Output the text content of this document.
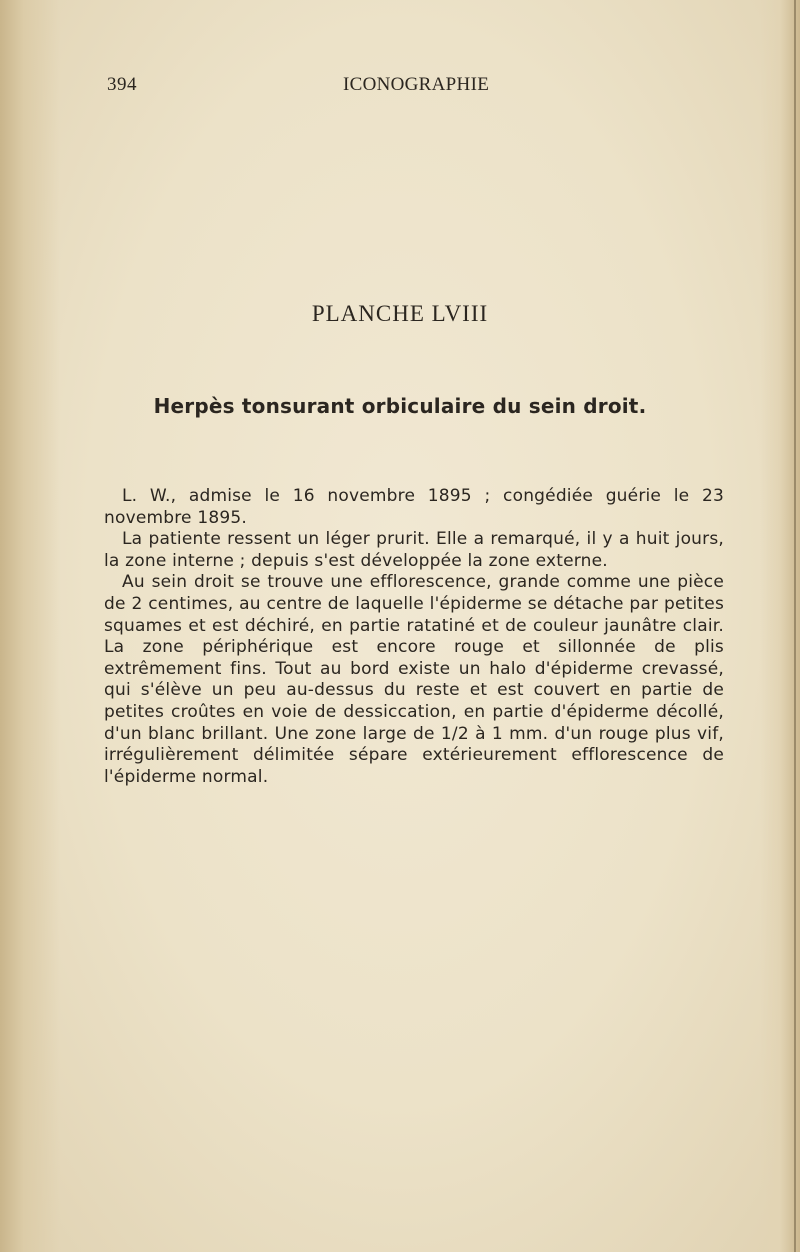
394	ICONOGRAPHIE
PLANCHE LVIII
Herpès tonsurant orbiculaire du sein droit.

L. W., admise le 16 novembre 1895 ; congédiée guérie le 23 novembre 1895.

La patiente ressent un léger prurit. Elle a remarqué, il y a huit jours, la zone interne ; depuis s'est développée la zone externe.

Au sein droit se trouve une efflorescence, grande comme une pièce de 2 centimes, au centre de laquelle l'épiderme se détache par petites squames et est déchiré, en partie ratatiné et de couleur jaunâtre clair. La zone périphérique est encore rouge et sillonnée de plis extrêmement fins. Tout au bord existe un halo d'épiderme crevassé, qui s'élève un peu au-dessus du reste et est couvert en partie de petites croûtes en voie de dessiccation, en partie d'épiderme décollé, d'un blanc brillant. Une zone large de 1/2 à 1 mm. d'un rouge plus vif, irrégulièrement délimitée sépare extérieurement efflorescence de l'épiderme normal.
